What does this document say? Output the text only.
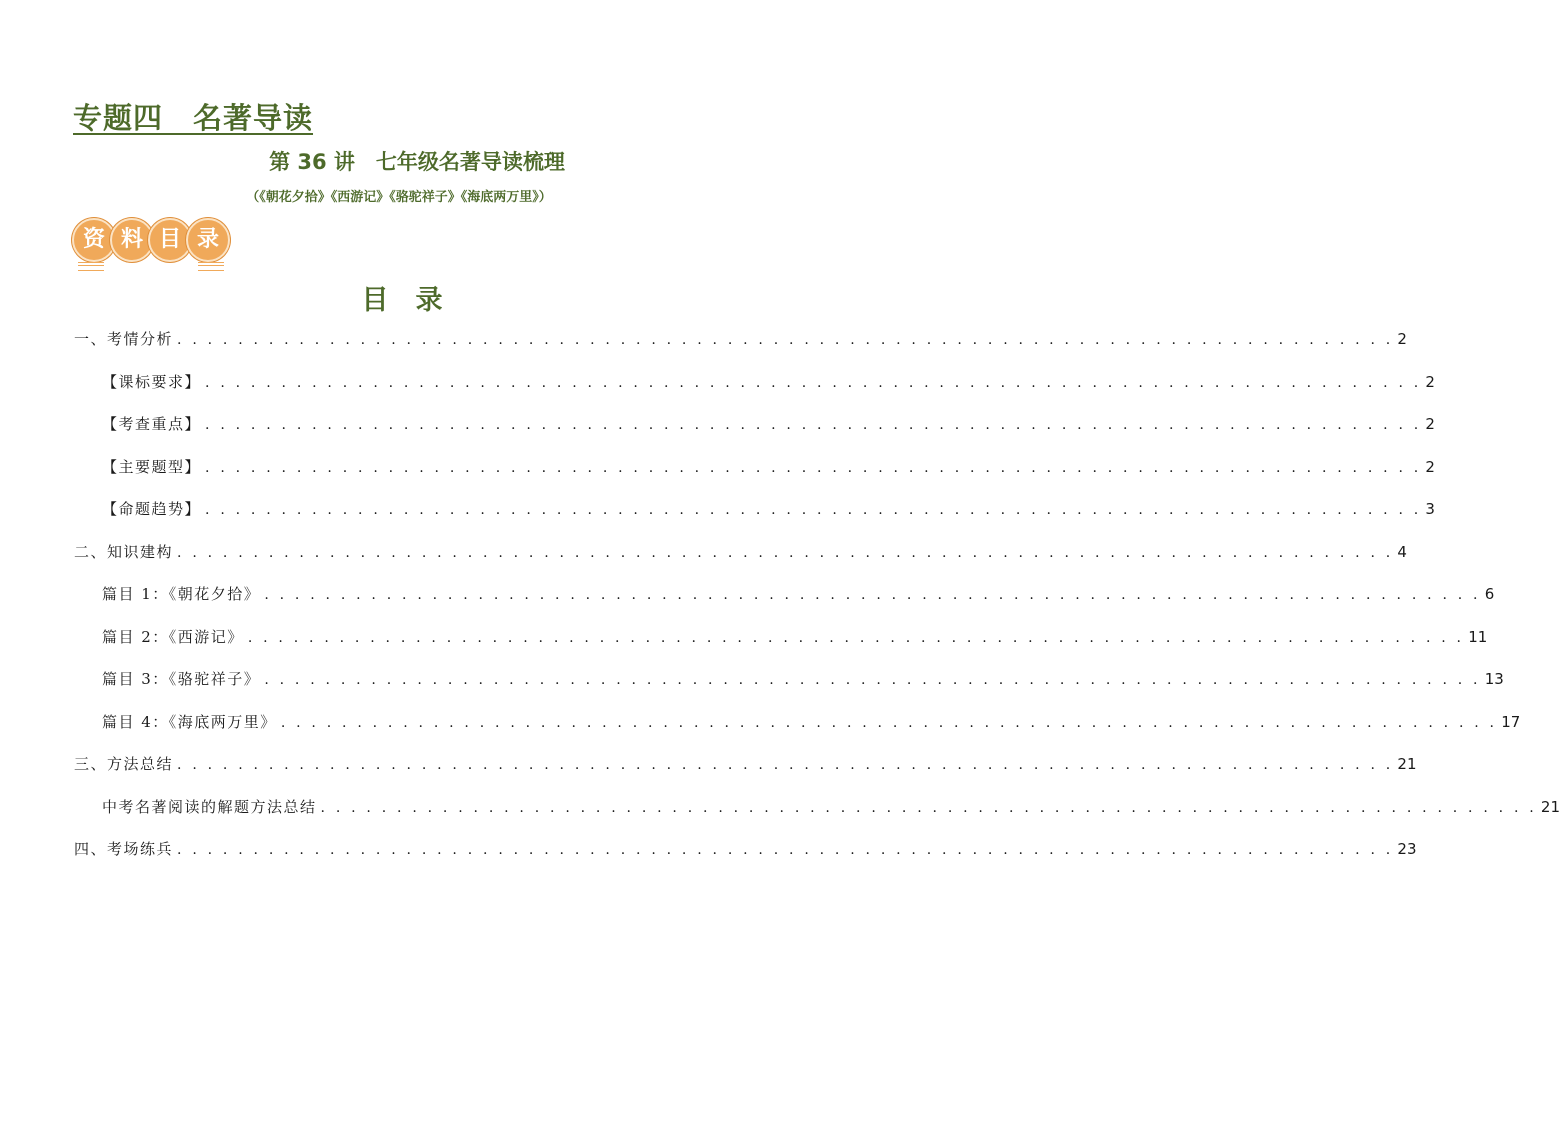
专题四　名著导读
第 36 讲　七年级名著导读梳理
（《朝花夕拾》《西游记》《骆驼祥子》《海底两万里》）
资 料 目 录
目　录
一、考情分析 . . . . . . . . . . . . . . . . . . . . . . . . . . . . . . . . . . . . . . . . . . . . . . . . . . . . . . . . . . . . . . . . . . . . . . . . . . . . . . . . 2
【课标要求】 . . . . . . . . . . . . . . . . . . . . . . . . . . . . . . . . . . . . . . . . . . . . . . . . . . . . . . . . . . . . . . . . . . . . . . . . . . . . . . . . 2
【考查重点】 . . . . . . . . . . . . . . . . . . . . . . . . . . . . . . . . . . . . . . . . . . . . . . . . . . . . . . . . . . . . . . . . . . . . . . . . . . . . . . . . 2
【主要题型】 . . . . . . . . . . . . . . . . . . . . . . . . . . . . . . . . . . . . . . . . . . . . . . . . . . . . . . . . . . . . . . . . . . . . . . . . . . . . . . . . 2
【命题趋势】 . . . . . . . . . . . . . . . . . . . . . . . . . . . . . . . . . . . . . . . . . . . . . . . . . . . . . . . . . . . . . . . . . . . . . . . . . . . . . . . . 3
二、知识建构 . . . . . . . . . . . . . . . . . . . . . . . . . . . . . . . . . . . . . . . . . . . . . . . . . . . . . . . . . . . . . . . . . . . . . . . . . . . . . . . . 4
篇目 1：《朝花夕拾》 . . . . . . . . . . . . . . . . . . . . . . . . . . . . . . . . . . . . . . . . . . . . . . . . . . . . . . . . . . . . . . . . . . . . . . . . . . . . . . . . 6
篇目 2：《西游记》 . . . . . . . . . . . . . . . . . . . . . . . . . . . . . . . . . . . . . . . . . . . . . . . . . . . . . . . . . . . . . . . . . . . . . . . . . . . . . . . . 11
篇目 3：《骆驼祥子》 . . . . . . . . . . . . . . . . . . . . . . . . . . . . . . . . . . . . . . . . . . . . . . . . . . . . . . . . . . . . . . . . . . . . . . . . . . . . . . . . 13
篇目 4：《海底两万里》 . . . . . . . . . . . . . . . . . . . . . . . . . . . . . . . . . . . . . . . . . . . . . . . . . . . . . . . . . . . . . . . . . . . . . . . . . . . . . . . . 17
三、方法总结 . . . . . . . . . . . . . . . . . . . . . . . . . . . . . . . . . . . . . . . . . . . . . . . . . . . . . . . . . . . . . . . . . . . . . . . . . . . . . . . . 21
中考名著阅读的解题方法总结 . . . . . . . . . . . . . . . . . . . . . . . . . . . . . . . . . . . . . . . . . . . . . . . . . . . . . . . . . . . . . . . . . . . . . . . . . . . . . . . . 21
四、考场练兵 . . . . . . . . . . . . . . . . . . . . . . . . . . . . . . . . . . . . . . . . . . . . . . . . . . . . . . . . . . . . . . . . . . . . . . . . . . . . . . . . 23
